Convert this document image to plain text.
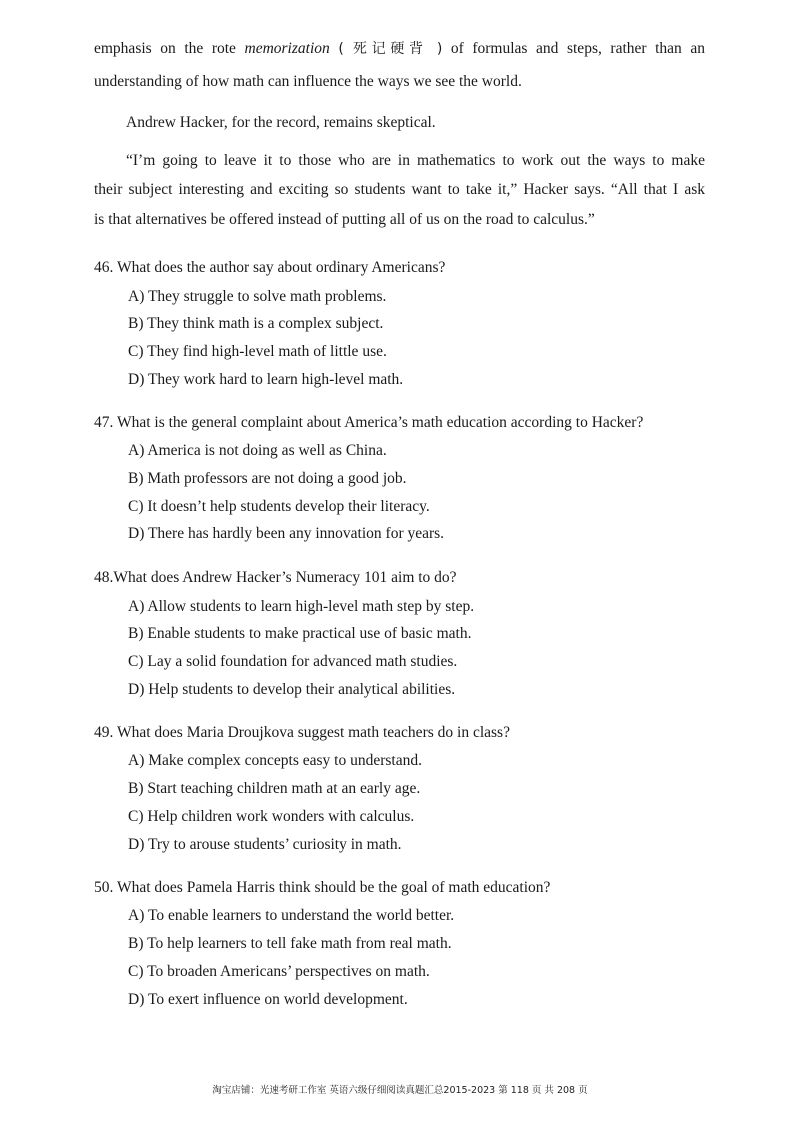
emphasis on the rote memorization ( 死记硬背 ) of formulas and steps, rather than an
understanding of how math can influence the ways we see the world.
Andrew Hacker, for the record, remains skeptical.
“I’m going to leave it to those who are in mathematics to work out the ways to make
their subject interesting and exciting so students want to take it,” Hacker says. “All that I ask
is that alternatives be offered instead of putting all of us on the road to calculus.”
46. What does the author say about ordinary Americans?
A) They struggle to solve math problems.
B) They think math is a complex subject.
C) They find high-level math of little use.
D) They work hard to learn high-level math.
47. What is the general complaint about America’s math education according to Hacker?
A) America is not doing as well as China.
B) Math professors are not doing a good job.
C) It doesn’t help students develop their literacy.
D) There has hardly been any innovation for years.
48.What does Andrew Hacker’s Numeracy 101 aim to do?
A) Allow students to learn high-level math step by step.
B) Enable students to make practical use of basic math.
C) Lay a solid foundation for advanced math studies.
D) Help students to develop their analytical abilities.
49. What does Maria Droujkova suggest math teachers do in class?
A) Make complex concepts easy to understand.
B) Start teaching children math at an early age.
C) Help children work wonders with calculus.
D) Try to arouse students’ curiosity in math.
50. What does Pamela Harris think should be the goal of math education?
A) To enable learners to understand the world better.
B) To help learners to tell fake math from real math.
C) To broaden Americans’ perspectives on math.
D) To exert influence on world development.
淘宝店铺：光速考研工作室 英语六级仔细阅读真题汇总2015-2023 第 118 页 共 208 页
